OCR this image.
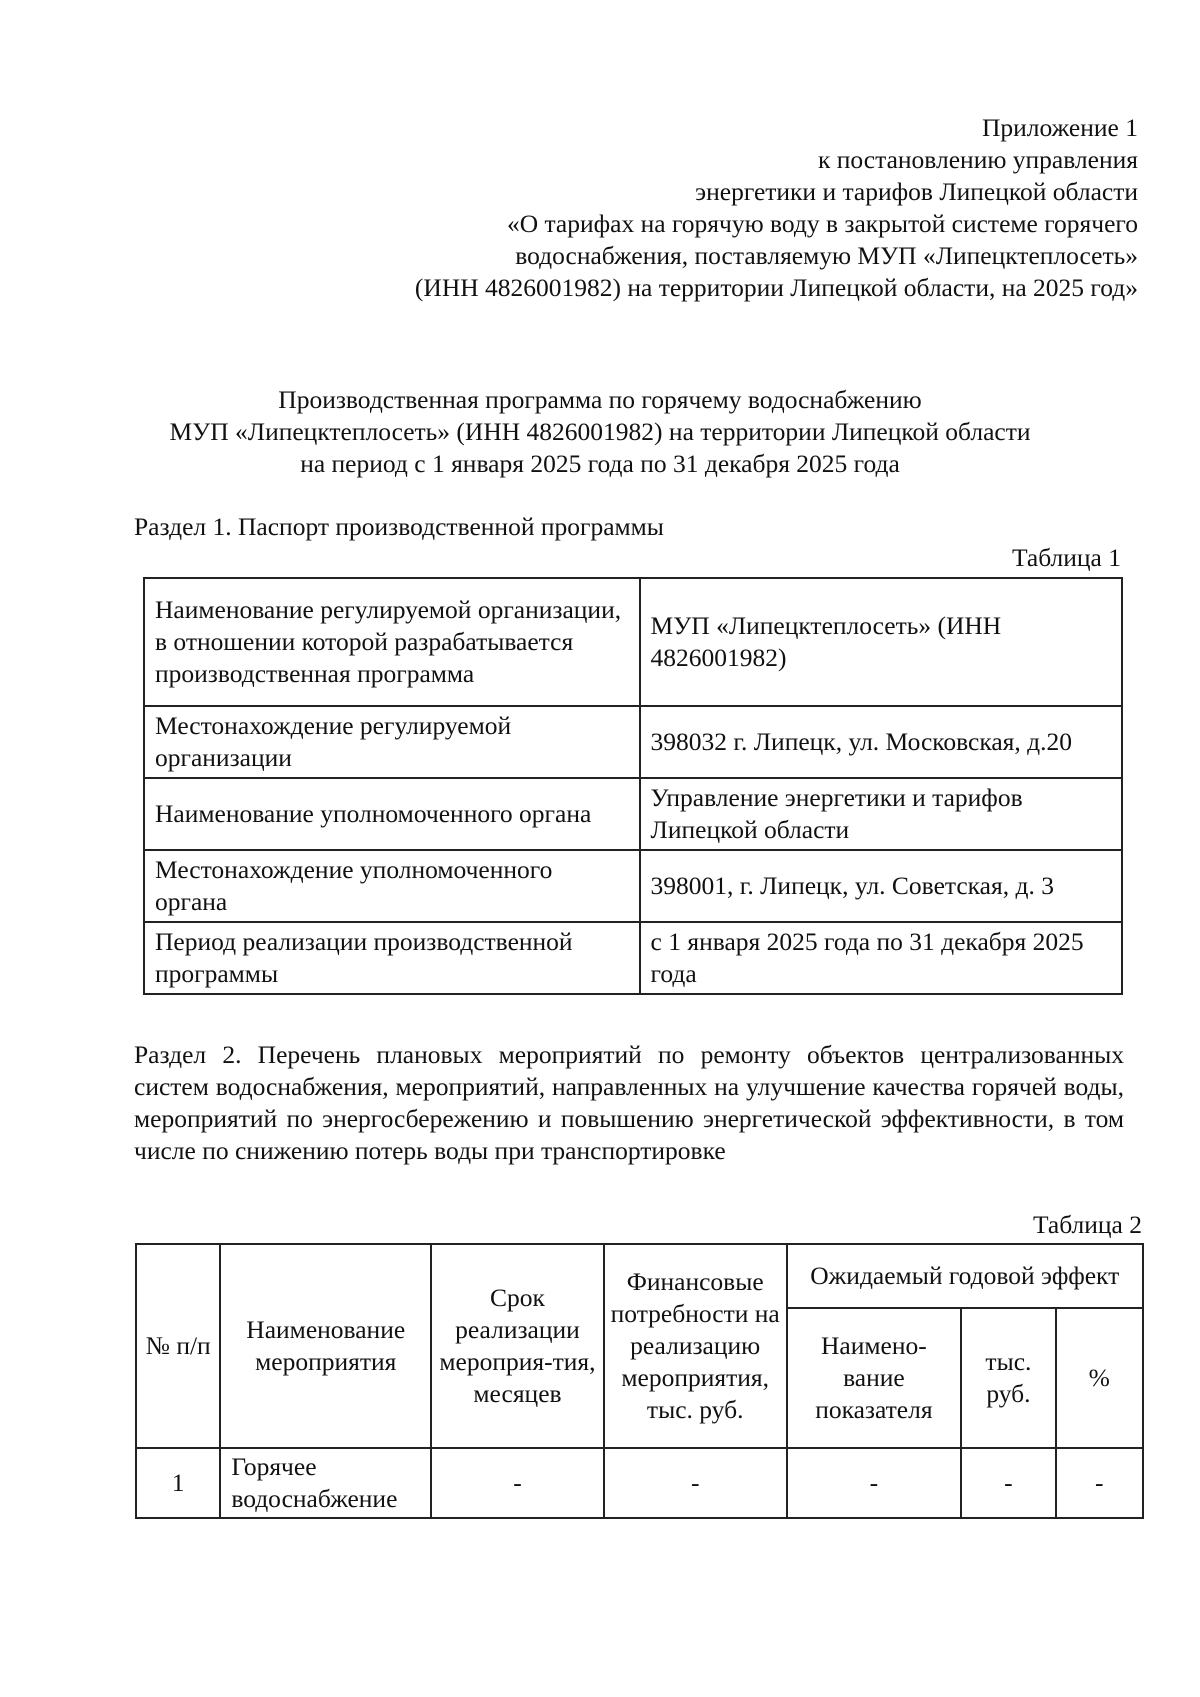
Приложение 1
к постановлению управления
энергетики и тарифов Липецкой области
«О тарифах на горячую воду в закрытой системе горячего
водоснабжения, поставляемую МУП «Липецктеплосеть»
(ИНН 4826001982) на территории Липецкой области, на 2025 год»
Производственная программа по горячему водоснабжению
МУП «Липецктеплосеть» (ИНН 4826001982) на территории Липецкой области
на период с 1 января 2025 года по 31 декабря 2025 года
Раздел 1. Паспорт производственной программы
Таблица 1
Наименование регулируемой организации, в отношении которой разрабатывается производственная программа	МУП «Липецктеплосеть» (ИНН 4826001982)
Местонахождение регулируемой организации	398032 г. Липецк, ул. Московская, д.20
Наименование уполномоченного органа	Управление энергетики и тарифов Липецкой области
Местонахождение уполномоченного органа	398001, г. Липецк, ул. Советская, д. 3
Период реализации производственной программы	с 1 января 2025 года по 31 декабря 2025 года
Раздел 2. Перечень плановых мероприятий по ремонту объектов централизованных систем водоснабжения, мероприятий, направленных на улучшение качества горячей воды, мероприятий по энергосбережению и повышению энергетической эффективности, в том числе по снижению потерь воды при транспортировке
Таблица 2
№ п/п	Наименование мероприятия	Срок реализации мероприя-тия, месяцев	Финансовые потребности на реализацию мероприятия, тыс. руб.	Ожидаемый годовой эффект		
				Наимено-вание показателя	тыс. руб.	%
1	Горячее водоснабжение	-	-	-	-	-
